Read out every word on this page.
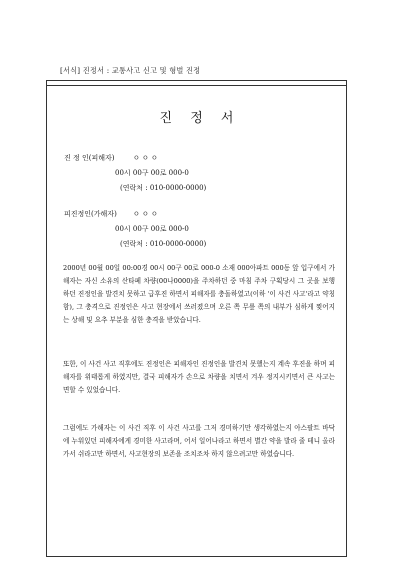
[서식] 진정서 : 교통사고 신고 및 형벌 진정
진 정 서
진 정 인(피해자)	ㅇ ㅇ ㅇ
00시 00구 00로 000-0
(연락처 : 010-0000-0000)
피진정인(가해자) ㅇ ㅇ ㅇ
00시 00구 00로 000-0
(연락처 : 010-0000-0000)
2000년 00월 00일 00:00경 00시 00구 00로 000-0 소재 000아파트 000동 앞 입구에서 가해자는 자신 소유의 산타페 차량(00나0000)을 주차하던 중 마침 주차 구획당시 그 곳을 보행하던 진정인을 발견치 못하고 급후진 하면서 피해자를 충돌하였고(이하 '이 사건 사고'라고 약칭함), 그 충격으로 진정인은 사고 현장에서 쓰러졌으며 오른 쪽 무릎 쪽의 내부가 심하게 찢어지는 상해 및 요추 부분을 심한 충격을 받았습니다.
또한, 이 사건 사고 직후에도 진정인은 피해자인 진정인을 발견치 못했는지 계속 후진을 하며 피해자를 위태롭게 하였지만, 결국 피해자가 손으로 차량을 치면서 겨우 정지시키면서 큰 사고는 면할 수 있었습니다.
그럼에도 가해자는 이 사건 직후 이 사건 사고를 그저 경미하기만 생각하였는지 아스팔트 바닥에 누워있던 피해자에게 경미한 사고라며, 어서 일어나라고 하면서 별간 약을 발라 줄 테니 올라가서 쉬라고만 하면서, 사고현장의 보존을 조치조차 하지 않으려고만 하였습니다.
